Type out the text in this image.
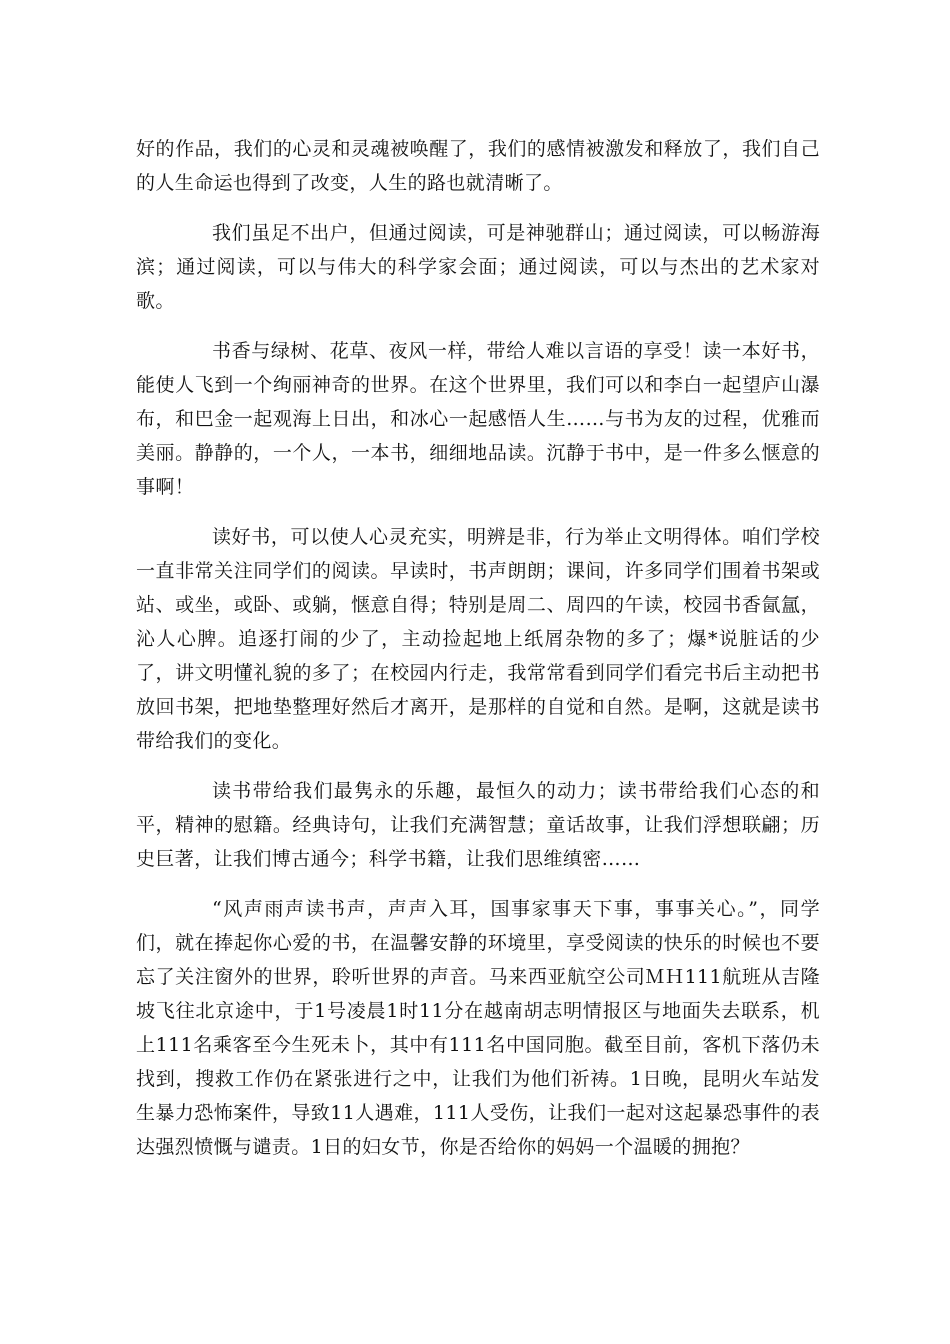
好的作品，我们的心灵和灵魂被唤醒了，我们的感情被激发和释放了，我们自己的人生命运也得到了改变，人生的路也就清晰了。

我们虽足不出户，但通过阅读，可是神驰群山；通过阅读，可以畅游海滨；通过阅读，可以与伟大的科学家会面；通过阅读，可以与杰出的艺术家对歌。

书香与绿树、花草、夜风一样，带给人难以言语的享受！读一本好书，能使人飞到一个绚丽神奇的世界。在这个世界里，我们可以和李白一起望庐山瀑布，和巴金一起观海上日出，和冰心一起感悟人生……与书为友的过程，优雅而美丽。静静的，一个人，一本书，细细地品读。沉静于书中，是一件多么惬意的事啊！

读好书，可以使人心灵充实，明辨是非，行为举止文明得体。咱们学校一直非常关注同学们的阅读。早读时，书声朗朗；课间，许多同学们围着书架或站、或坐，或卧、或躺，惬意自得；特别是周二、周四的午读，校园书香氤氲，沁人心脾。追逐打闹的少了，主动捡起地上纸屑杂物的多了；爆*说脏话的少了，讲文明懂礼貌的多了；在校园内行走，我常常看到同学们看完书后主动把书放回书架，把地垫整理好然后才离开，是那样的自觉和自然。是啊，这就是读书带给我们的变化。

读书带给我们最隽永的乐趣，最恒久的动力；读书带给我们心态的和平，精神的慰籍。经典诗句，让我们充满智慧；童话故事，让我们浮想联翩；历史巨著，让我们博古通今；科学书籍，让我们思维缜密……

“风声雨声读书声，声声入耳，国事家事天下事，事事关心。”，同学们，就在捧起你心爱的书，在温馨安静的环境里，享受阅读的快乐的时候也不要忘了关注窗外的世界，聆听世界的声音。马来西亚航空公司ＭＨ111航班从吉隆坡飞往北京途中，于1号凌晨1时11分在越南胡志明情报区与地面失去联系，机上111名乘客至今生死未卜，其中有111名中国同胞。截至目前，客机下落仍未找到，搜救工作仍在紧张进行之中，让我们为他们祈祷。1日晚，昆明火车站发生暴力恐怖案件，导致11人遇难，111人受伤，让我们一起对这起暴恐事件的表达强烈愤慨与谴责。1日的妇女节，你是否给你的妈妈一个温暖的拥抱？
